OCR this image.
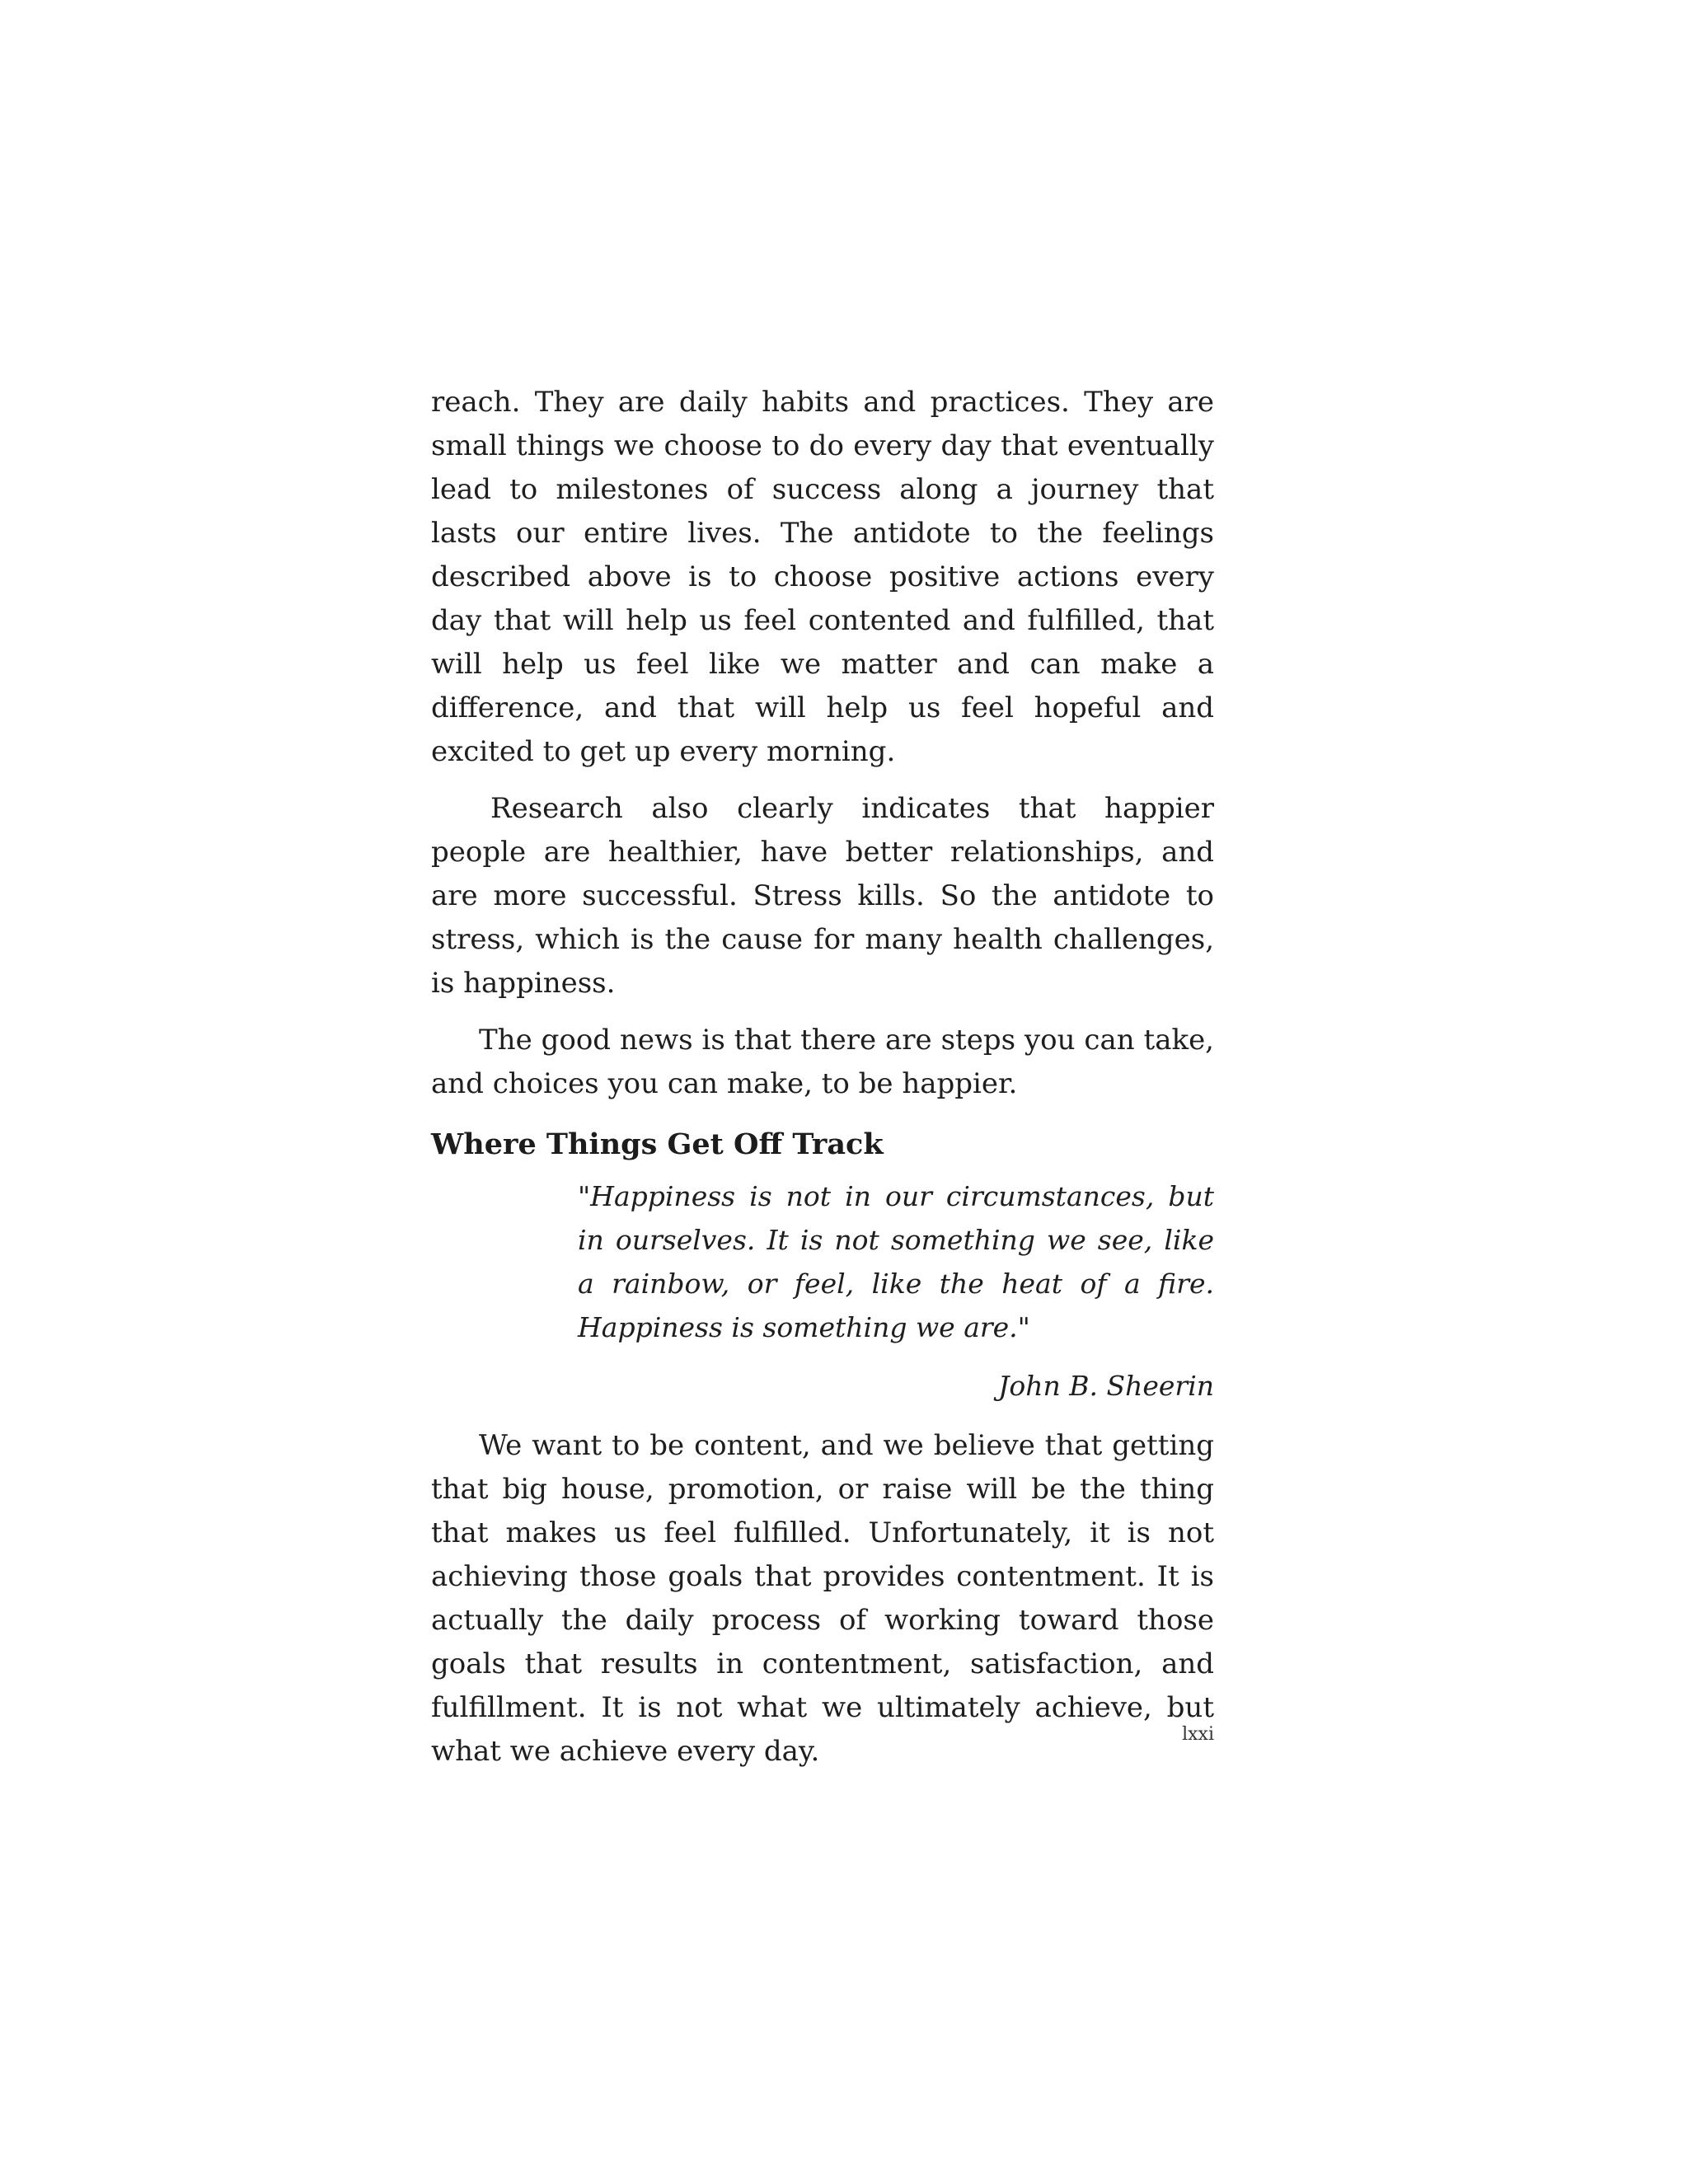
reach. They are daily habits and practices. They are small things we choose to do every day that eventually lead to milestones of success along a journey that lasts our entire lives. The antidote to the feelings described above is to choose positive actions every day that will help us feel contented and fulfilled, that will help us feel like we matter and can make a difference, and that will help us feel hopeful and excited to get up every morning.

Research also clearly indicates that happier people are healthier, have better relationships, and are more successful. Stress kills. So the antidote to stress, which is the cause for many health challenges, is happiness.

The good news is that there are steps you can take, and choices you can make, to be happier.

Where Things Get Off Track
"Happiness is not in our circumstances, but in ourselves. It is not something we see, like a rainbow, or feel, like the heat of a fire. Happiness is something we are."
John B. Sheerin

We want to be content, and we believe that getting that big house, promotion, or raise will be the thing that makes us feel fulfilled. Unfortunately, it is not achieving those goals that provides contentment. It is actually the daily process of working toward those goals that results in contentment, satisfaction, and fulfillment. It is not what we ultimately achieve, but what we achieve every day.

lxxi
